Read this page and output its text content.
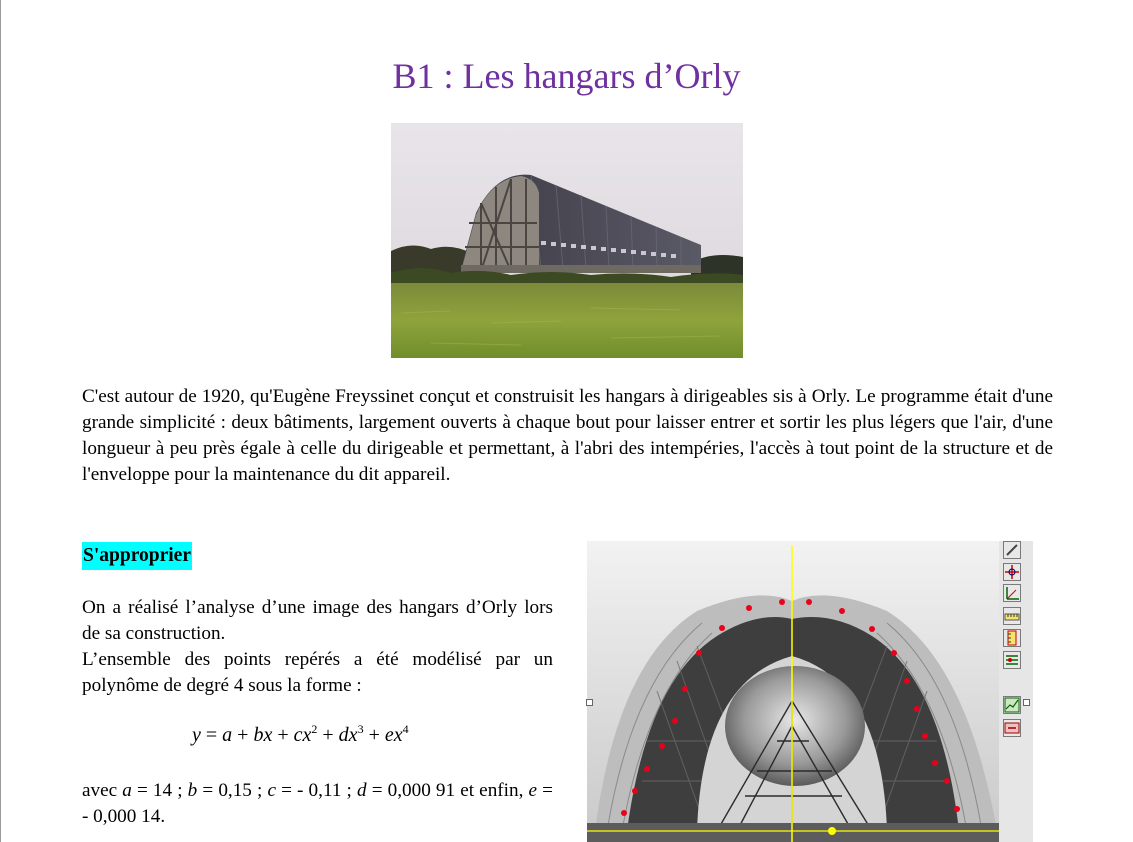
B1 : Les hangars d’Orly

C'est autour de 1920, qu'Eugène Freyssinet conçut et construisit les hangars à dirigeables sis à Orly. Le programme était d'une grande simplicité : deux bâtiments, largement ouverts à chaque bout pour laisser entrer et sortir les plus légers que l'air, d'une longueur à peu près égale à celle du dirigeable et permettant, à l'abri des intempéries, l'accès à tout point de la structure et de l'enveloppe pour la maintenance du dit appareil.

S'approprier

On a réalisé l’analyse d’une image des hangars d’Orly lors de sa construction.

L’ensemble des points repérés a été modélisé par un polynôme de degré 4 sous la forme :

y = a + bx + $cx^2 + dx^3 + ex^4$

avec a = 14 ; b = 0,15 ; c = - 0,11 ; d = 0,000 91 et enfin, e = - 0,000 14.
